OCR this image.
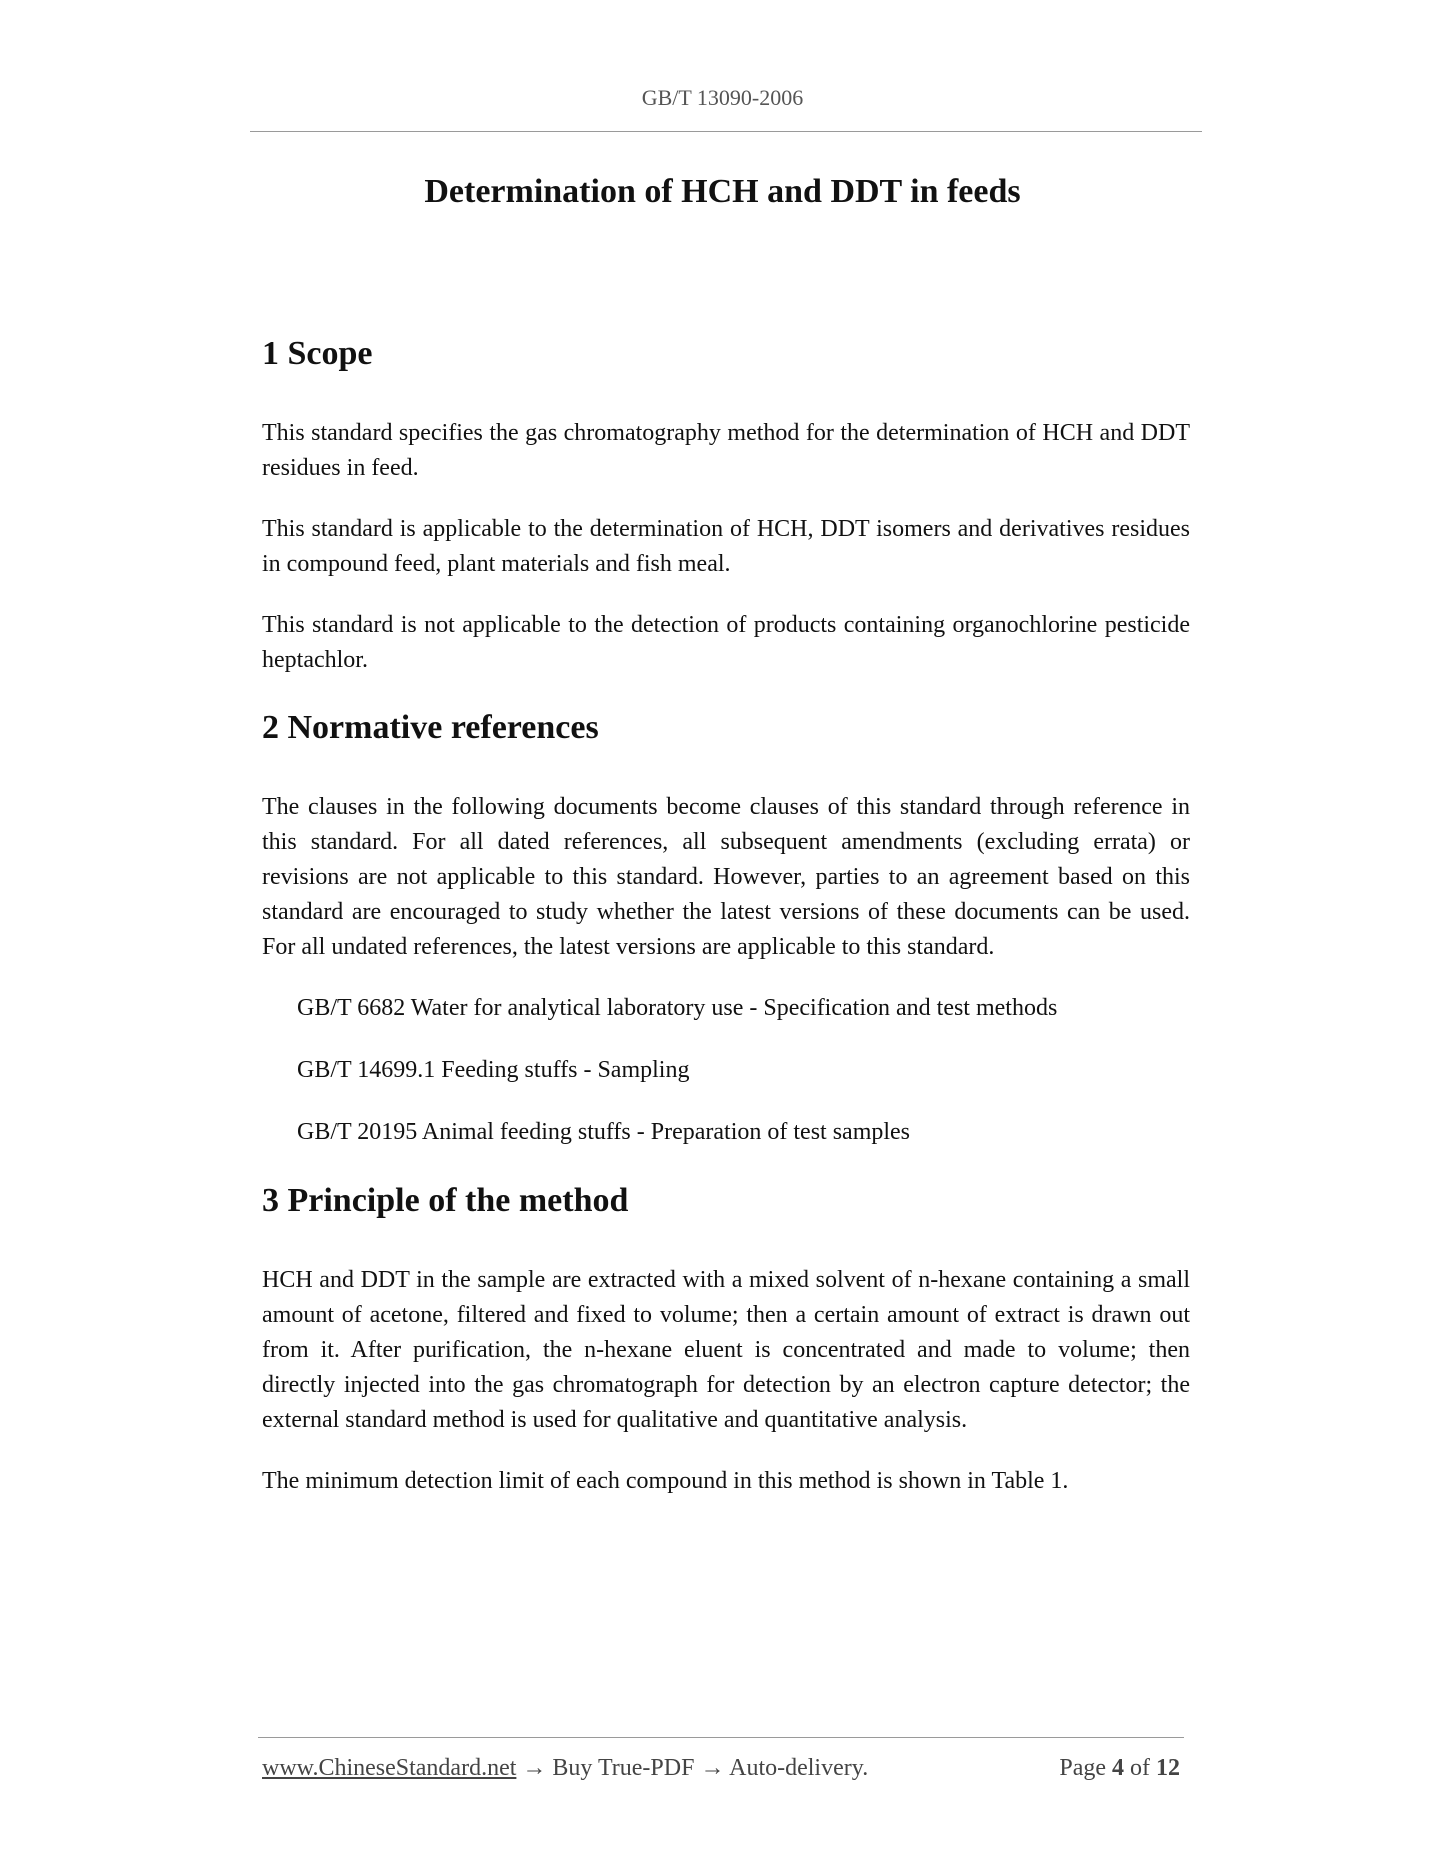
GB/T 13090-2006
Determination of HCH and DDT in feeds
1 Scope

This standard specifies the gas chromatography method for the determination of HCH and DDT residues in feed.

This standard is applicable to the determination of HCH, DDT isomers and derivatives residues in compound feed, plant materials and fish meal.

This standard is not applicable to the detection of products containing organochlorine pesticide heptachlor.

2 Normative references

The clauses in the following documents become clauses of this standard through reference in this standard. For all dated references, all subsequent amendments (excluding errata) or revisions are not applicable to this standard. However, parties to an agreement based on this standard are encouraged to study whether the latest versions of these documents can be used. For all undated references, the latest versions are applicable to this standard.

GB/T 6682 Water for analytical laboratory use - Specification and test methods
GB/T 14699.1 Feeding stuffs - Sampling
GB/T 20195 Animal feeding stuffs - Preparation of test samples
3 Principle of the method

HCH and DDT in the sample are extracted with a mixed solvent of n-hexane containing a small amount of acetone, filtered and fixed to volume; then a certain amount of extract is drawn out from it. After purification, the n-hexane eluent is concentrated and made to volume; then directly injected into the gas chromatograph for detection by an electron capture detector; the external standard method is used for qualitative and quantitative analysis.

The minimum detection limit of each compound in this method is shown in Table 1.

www.ChineseStandard.net → Buy True-PDF → Auto-delivery.	Page 4 of 12
